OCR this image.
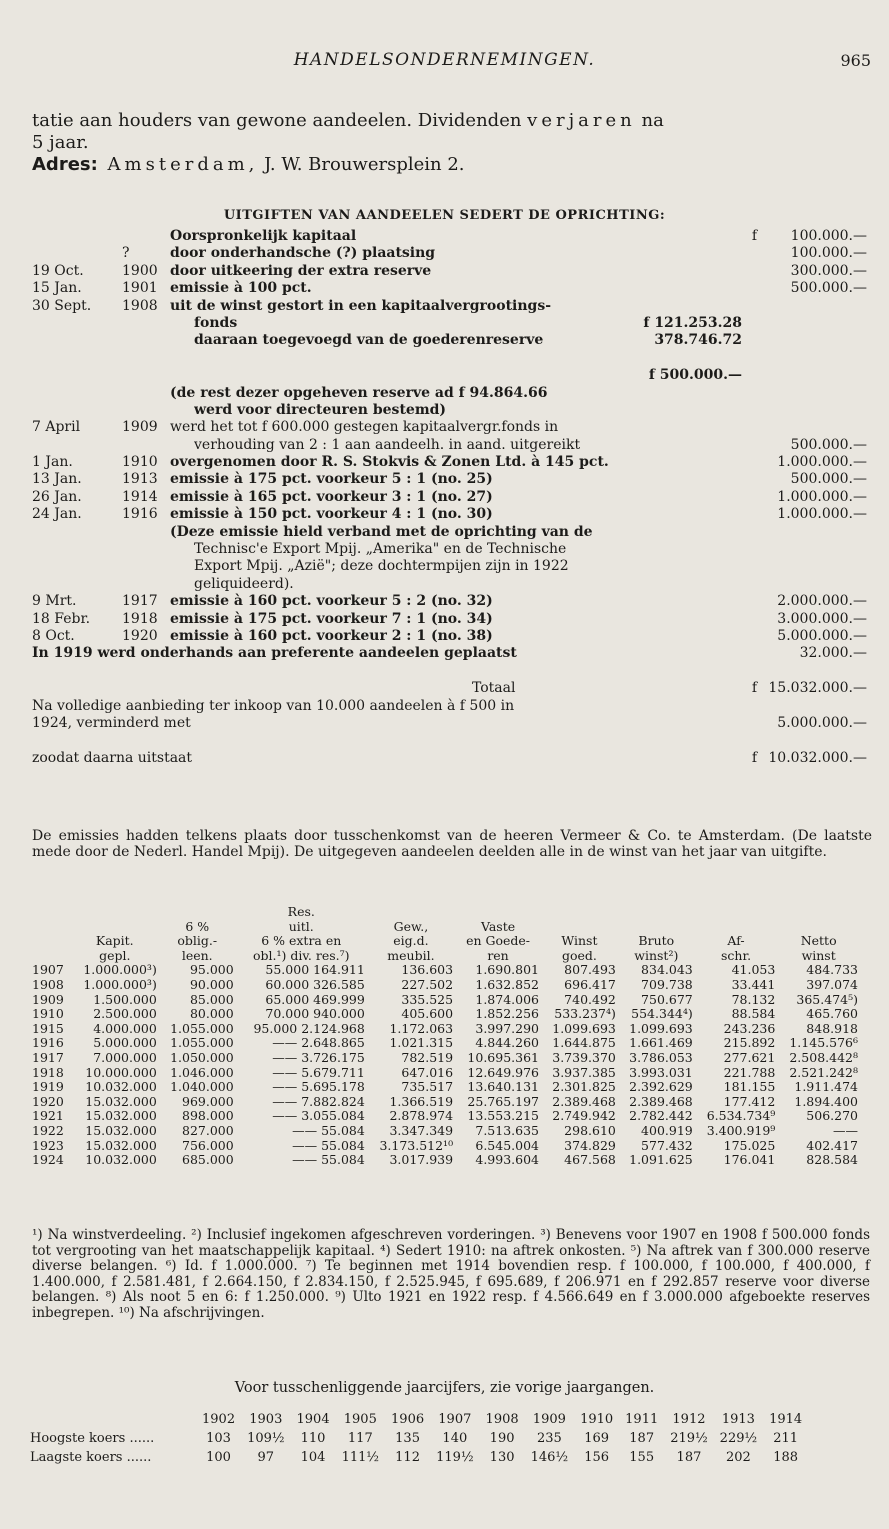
HANDELSONDERNEMINGEN.	965

tatie aan houders van gewone aandeelen. Dividenden verjaren na

5 jaar.

Adres: Amsterdam, J. W. Brouwersplein 2.

UITGIFTEN VAN AANDEELEN SEDERT DE OPRICHTING:
Oorspronkelijk kapitaal	f	100.000.—
?	door onderhandsche (?) plaatsing	100.000.—
19 Oct.	1900 door uitkeering der extra reserve	300.000.—
15 Jan.	1901 emissie à 100 pct.	500.000.—
30 Sept.	1908 uit de winst gestort in een kapitaalvergrootings-
fonds	f 121.253.28
daaraan toegevoegd van de goederenreserve	378.746.72
f 500.000.—
(de rest dezer opgeheven reserve ad f 94.864.66
werd voor directeuren bestemd)
7 April	1909 werd het tot f 600.000 gestegen kapitaalvergr.fonds in
verhouding van 2 : 1 aan aandeelh. in aand. uitgereikt	500.000.—
1 Jan.	1910 overgenomen door R. S. Stokvis & Zonen Ltd. à 145 pct.	1.000.000.—
13 Jan.	1913 emissie à 175 pct. voorkeur 5 : 1 (no. 25)	500.000.—
26 Jan.	1914 emissie à 165 pct. voorkeur 3 : 1 (no. 27)	1.000.000.—
24 Jan.	1916 emissie à 150 pct. voorkeur 4 : 1 (no. 30)	1.000.000.—
(Deze emissie hield verband met de oprichting van de
Technisc'e Export Mpij. „Amerika" en de Technische
Export Mpij. „Azië"; deze dochtermpijen zijn in 1922
geliquideerd).
9 Mrt.	1917 emissie à 160 pct. voorkeur 5 : 2 (no. 32)	2.000.000.—
18 Febr.	1918 emissie à 175 pct. voorkeur 7 : 1 (no. 34)	3.000.000.—
8 Oct.	1920 emissie à 160 pct. voorkeur 2 : 1 (no. 38)	5.000.000.—
In 1919 werd onderhands aan preferente aandeelen geplaatst	32.000.—
Totaal	f 15.032.000.—
Na volledige aanbieding ter inkoop van 10.000 aandeelen à f 500 in
1924, verminderd met	5.000.000.—
zoodat daarna uitstaat	f 10.032.000.—

De emissies hadden telkens plaats door tusschenkomst van de heeren Vermeer & Co. te Amsterdam. (De laatste mede door de Nederl. Handel Mpij). De uitgegeven aandeelen deelden alle in de winst van het jaar van uitgifte.

			Res.						
		6 %	uitl.	Gew.,	Vaste				
	Kapit.	oblig.-	6 % extra en	eig.d.	en Goede-	Winst	Bruto	Af-	Netto
	gepl.	leen.	obl.¹) div. res.⁷)	meubil.	ren	goed.	winst²)	schr.	winst
1907	1.000.000³)	95.000	55.000 164.911	136.603	1.690.801	807.493	834.043	41.053	484.733
1908	1.000.000³)	90.000	60.000 326.585	227.502	1.632.852	696.417	709.738	33.441	397.074
1909	1.500.000	85.000	65.000 469.999	335.525	1.874.006	740.492	750.677	78.132	365.474⁵)
1910	2.500.000	80.000	70.000 940.000	405.600	1.852.256	533.237⁴)	554.344⁴)	88.584	465.760
1915	4.000.000	1.055.000	95.000 2.124.968	1.172.063	3.997.290	1.099.693	1.099.693	243.236	848.918
1916	5.000.000	1.055.000	—— 2.648.865	1.021.315	4.844.260	1.644.875	1.661.469	215.892	1.145.576⁶
1917	7.000.000	1.050.000	—— 3.726.175	782.519	10.695.361	3.739.370	3.786.053	277.621	2.508.442⁸
1918	10.000.000	1.046.000	—— 5.679.711	647.016	12.649.976	3.937.385	3.993.031	221.788	2.521.242⁸
1919	10.032.000	1.040.000	—— 5.695.178	735.517	13.640.131	2.301.825	2.392.629	181.155	1.911.474
1920	15.032.000	969.000	—— 7.882.824	1.366.519	25.765.197	2.389.468	2.389.468	177.412	1.894.400
1921	15.032.000	898.000	—— 3.055.084	2.878.974	13.553.215	2.749.942	2.782.442	6.534.734⁹	506.270
1922	15.032.000	827.000	—— 55.084	3.347.349	7.513.635	298.610	400.919	3.400.919⁹	——
1923	15.032.000	756.000	—— 55.084	3.173.512¹⁰	6.545.004	374.829	577.432	175.025	402.417
1924	10.032.000	685.000	—— 55.084	3.017.939	4.993.604	467.568	1.091.625	176.041	828.584

¹) Na winstverdeeling. ²) Inclusief ingekomen afgeschreven vorderingen. ³) Benevens voor 1907 en 1908 f 500.000 fonds tot vergrooting van het maatschappelijk kapitaal. ⁴) Sedert 1910: na aftrek onkosten. ⁵) Na aftrek van f 300.000 reserve diverse belangen. ⁶) Id. f 1.000.000. ⁷) Te beginnen met 1914 bovendien resp. f 100.000, f 100.000, f 400.000, f 1.400.000, f 2.581.481, f 2.664.150, f 2.834.150, f 2.525.945, f 695.689, f 206.971 en f 292.857 reserve voor diverse belangen. ⁸) Als noot 5 en 6: f 1.250.000. ⁹) Ulto 1921 en 1922 resp. f 4.566.649 en f 3.000.000 afgeboekte reserves inbegrepen. ¹⁰) Na afschrijvingen.

Voor tusschenliggende jaarcijfers, zie vorige jaargangen.
	1902	1903	1904	1905	1906	1907	1908	1909	1910	1911	1912	1913	1914
Hoogste koers ......	103	109½	110	117	135	140	190	235	169	187	219½	229½	211
Laagste koers ......	100	97	104	111½	112	119½	130	146½	156	155	187	202	188
